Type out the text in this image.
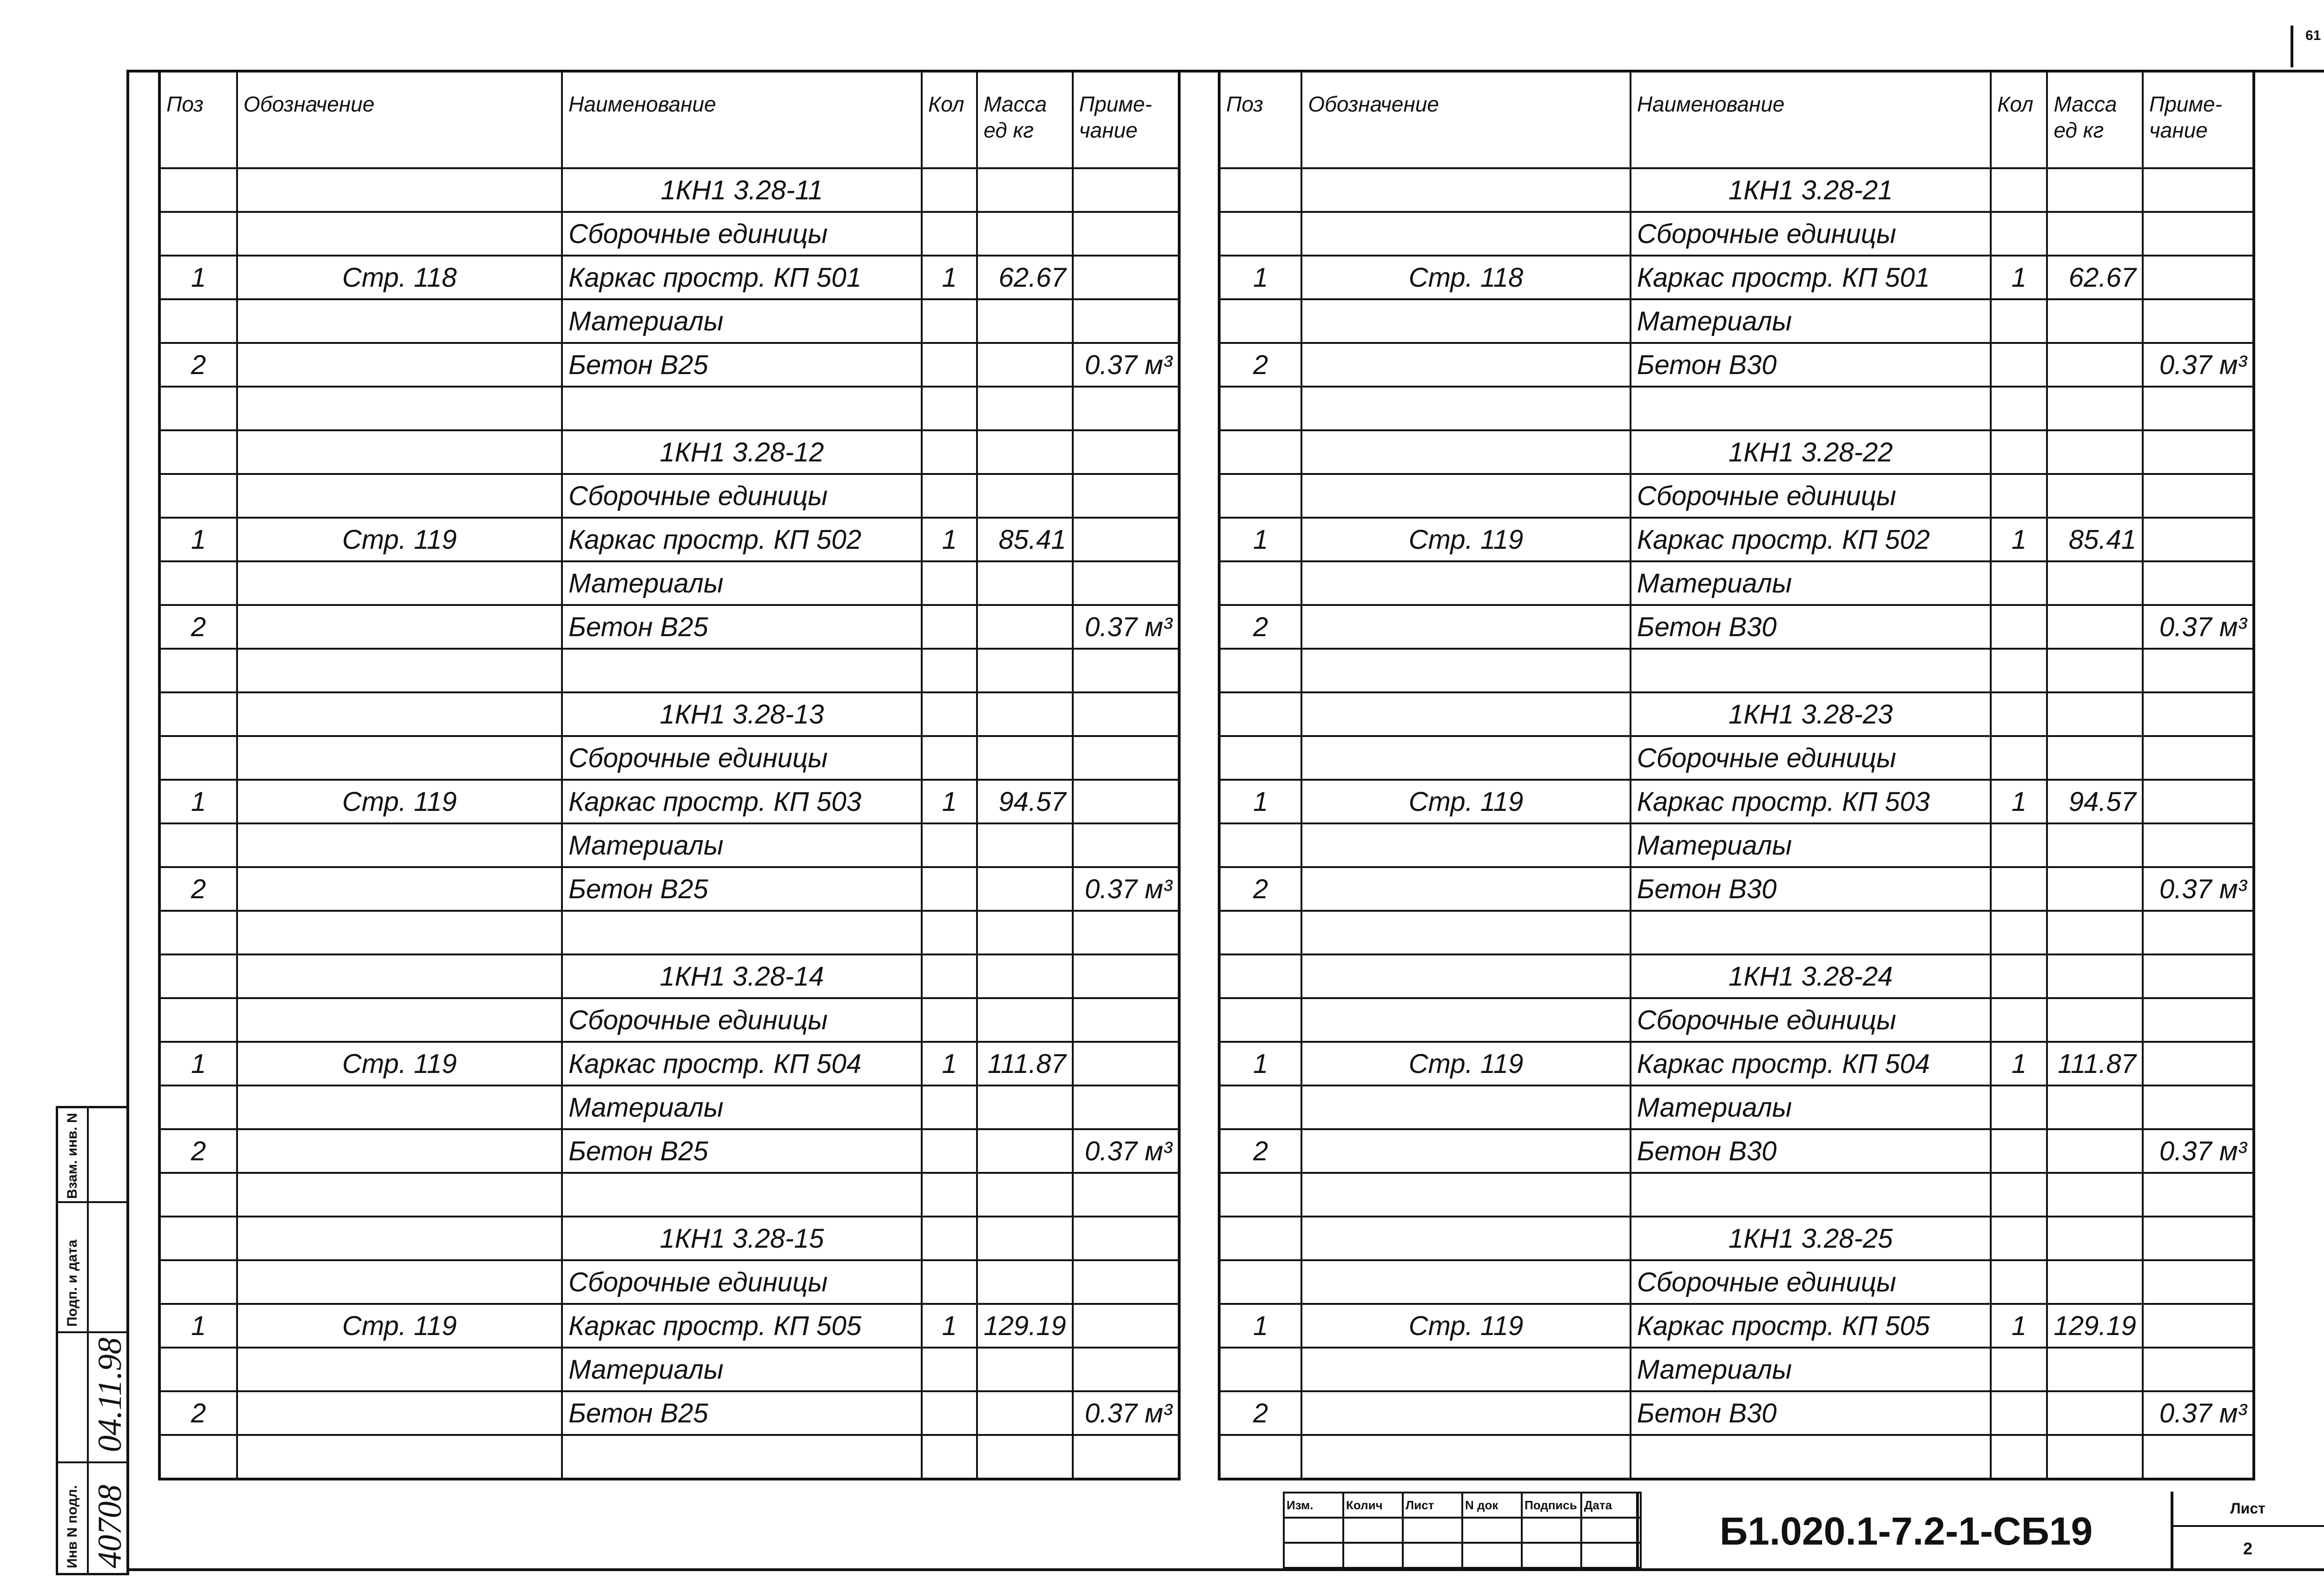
61
Поз	Обозначение	Наименование	Кол	Масса ед кг	Приме- чание
		1КН1 3.28-11			
		Сборочные единицы			
1	Стр. 118	Каркас простр. КП 501	1	62.67	
		Материалы			
2		Бетон В25			0.37 м³

		1КН1 3.28-12			
		Сборочные единицы			
1	Стр. 119	Каркас простр. КП 502	1	85.41	
		Материалы			
2		Бетон В25			0.37 м³

		1КН1 3.28-13			
		Сборочные единицы			
1	Стр. 119	Каркас простр. КП 503	1	94.57	
		Материалы			
2		Бетон В25			0.37 м³

		1КН1 3.28-14			
		Сборочные единицы			
1	Стр. 119	Каркас простр. КП 504	1	111.87	
		Материалы			
2		Бетон В25			0.37 м³

		1КН1 3.28-15			
		Сборочные единицы			
1	Стр. 119	Каркас простр. КП 505	1	129.19	
		Материалы			
2		Бетон В25			0.37 м³

Поз	Обозначение	Наименование	Кол	Масса ед кг	Приме- чание
		1КН1 3.28-21			
		Сборочные единицы			
1	Стр. 118	Каркас простр. КП 501	1	62.67	
		Материалы			
2		Бетон В30			0.37 м³

		1КН1 3.28-22			
		Сборочные единицы			
1	Стр. 119	Каркас простр. КП 502	1	85.41	
		Материалы			
2		Бетон В30			0.37 м³

		1КН1 3.28-23			
		Сборочные единицы			
1	Стр. 119	Каркас простр. КП 503	1	94.57	
		Материалы			
2		Бетон В30			0.37 м³

		1КН1 3.28-24			
		Сборочные единицы			
1	Стр. 119	Каркас простр. КП 504	1	111.87	
		Материалы			
2		Бетон В30			0.37 м³

		1КН1 3.28-25			
		Сборочные единицы			
1	Стр. 119	Каркас простр. КП 505	1	129.19	
		Материалы			
2		Бетон В30			0.37 м³

Изм.	Колич	Лист	N док	Подпись	Дата

Б1.020.1-7.2-1-СБ19
Лист
2
Взам. инв. N
Подп. и дата
Инв N подл.
04.11.98
40708
